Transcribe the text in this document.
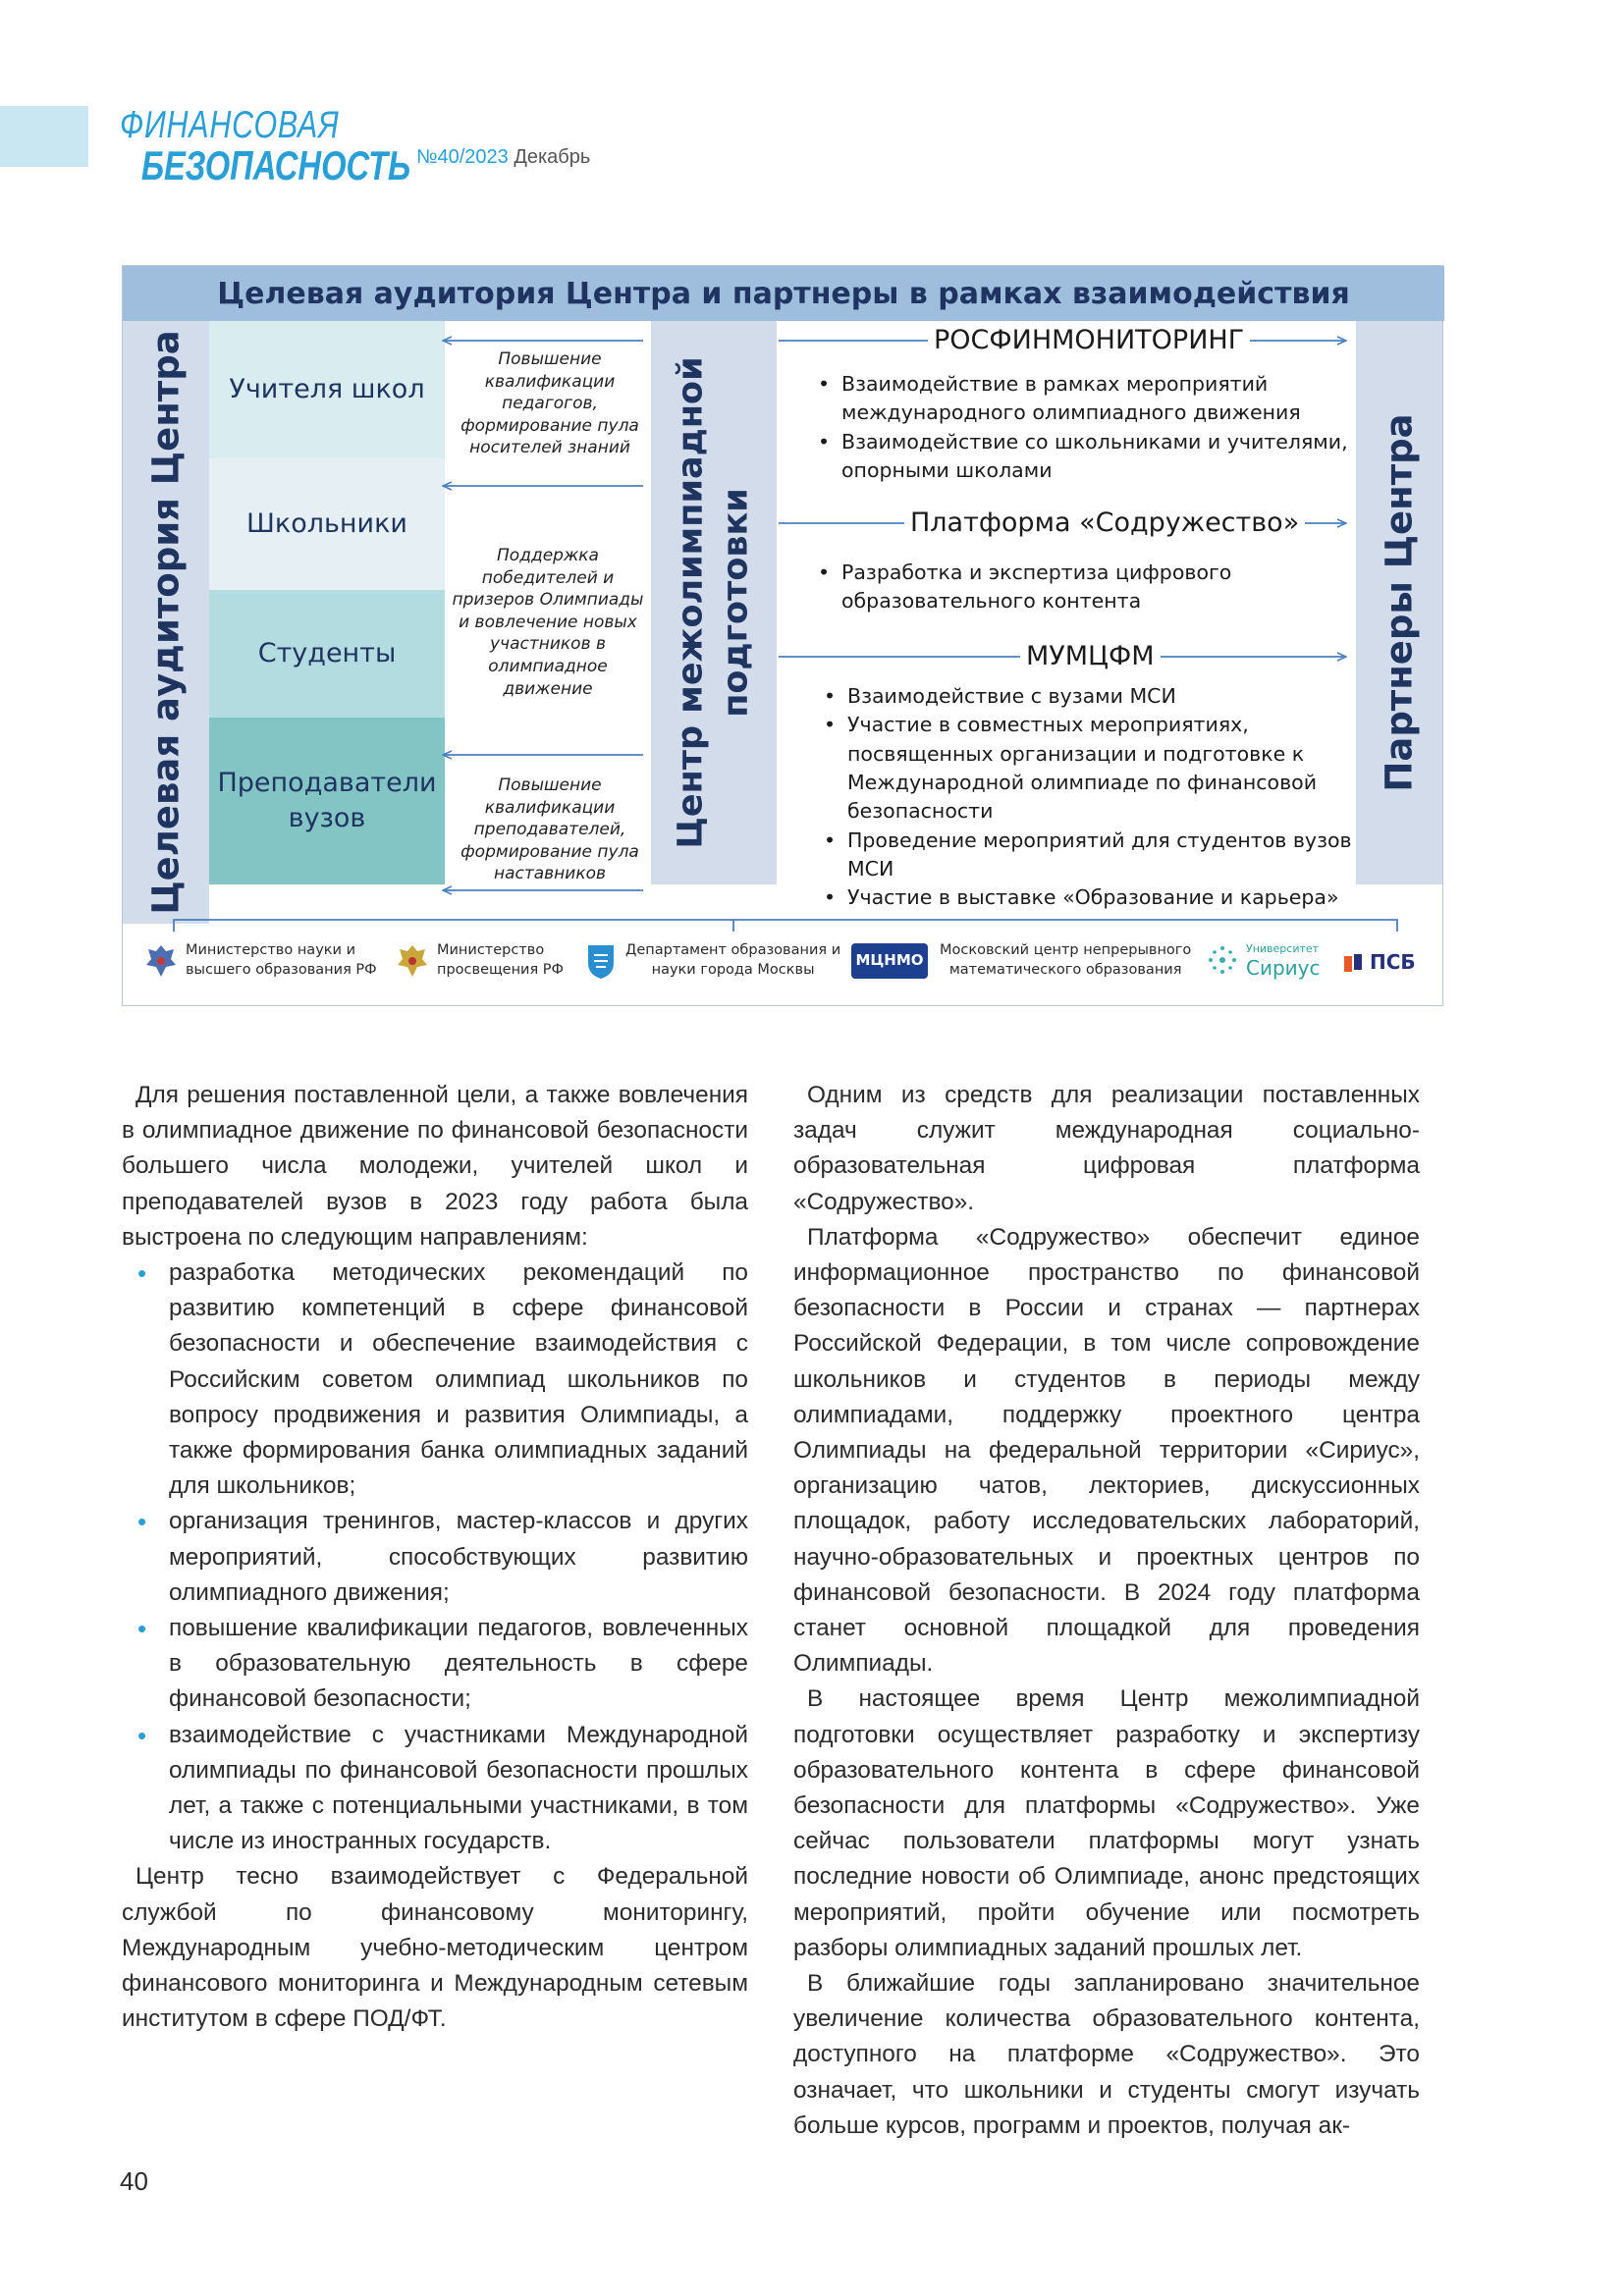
ФИНАНСОВАЯ
БЕЗОПАСНОСТЬ №40/2023 Декабрь
Целевая аудитория Центра и партнеры в рамках взаимодействия
Целевая аудитория Центра	Учителя школ
Школьники
Студенты
Преподаватели вузов
Повышение квалификации педагогов, формирование пула носителей знаний
Поддержка победителей и призеров Олимпиады и вовлечение новых участников в олимпиадное движение
Повышение квалификации преподавателей, формирование пула наставников
Центр межолимпиадной подготовки	Партнеры Центра
РОСФИНМОНИТОРИНГ
• Взаимодействие в рамках мероприятий международного олимпиадного движения
• Взаимодействие со школьниками и учителями, опорными школами
Платформа «Содружество»
• Разработка и экспертиза цифрового образовательного контента
МУМЦФМ
• Взаимодействие с вузами МСИ
• Участие в совместных мероприятиях, посвященных организации и подготовке к Международной олимпиаде по финансовой безопасности
• Проведение мероприятий для студентов вузов МСИ
• Участие в выставке «Образование и карьера»
Министерство науки и
высшего образования РФ
Министерство
просвещения РФ
Департамент образования и
науки города Москвы
МЦНМО
Московский центр непрерывного
математического образования
Университет
Сириус	ПСБ

Для решения поставленной цели, а также вовлечения в олимпиадное движение по финансовой безопасности большего числа молодежи, учителей школ и преподавателей вузов в 2023 году работа была выстроена по следующим направлениям:

• разработка методических рекомендаций по развитию компетенций в сфере финансовой безопасности и обеспечение взаимодействия с Российским советом олимпиад школьников по вопросу продвижения и развития Олимпиады, а также формирования банка олимпиадных заданий для школьников;
• организация тренингов, мастер-классов и других мероприятий, способствующих развитию олимпиадного движения;
• повышение квалификации педагогов, вовлеченных в образовательную деятельность в сфере финансовой безопасности;
• взаимодействие с участниками Международной олимпиады по финансовой безопасности прошлых лет, а также с потенциальными участниками, в том числе из иностранных государств.

Центр тесно взаимодействует с Федеральной службой по финансовому мониторингу, Международным учебно-методическим центром финансового мониторинга и Международным сетевым институтом в сфере ПОД/ФТ.

Одним из средств для реализации поставленных задач служит международная социально-образовательная цифровая платформа «Содружество».

Платформа «Содружество» обеспечит единое информационное пространство по финансовой безопасности в России и странах — партнерах Российской Федерации, в том числе сопровождение школьников и студентов в периоды между олимпиадами, поддержку проектного центра Олимпиады на федеральной территории «Сириус», организацию чатов, лекториев, дискуссионных площадок, работу исследовательских лабораторий, научно-образовательных и проектных центров по финансовой безопасности. В 2024 году платформа станет основной площадкой для проведения Олимпиады.

В настоящее время Центр межолимпиадной подготовки осуществляет разработку и экспертизу образовательного контента в сфере финансовой безопасности для платформы «Содружество». Уже сейчас пользователи платформы могут узнать последние новости об Олимпиаде, анонс предстоящих мероприятий, пройти обучение или посмотреть разборы олимпиадных заданий прошлых лет.

В ближайшие годы запланировано значительное увеличение количества образовательного контента, доступного на платформе «Содружество». Это означает, что школьники и студенты смогут изучать больше курсов, программ и проектов, получая ак-

40
